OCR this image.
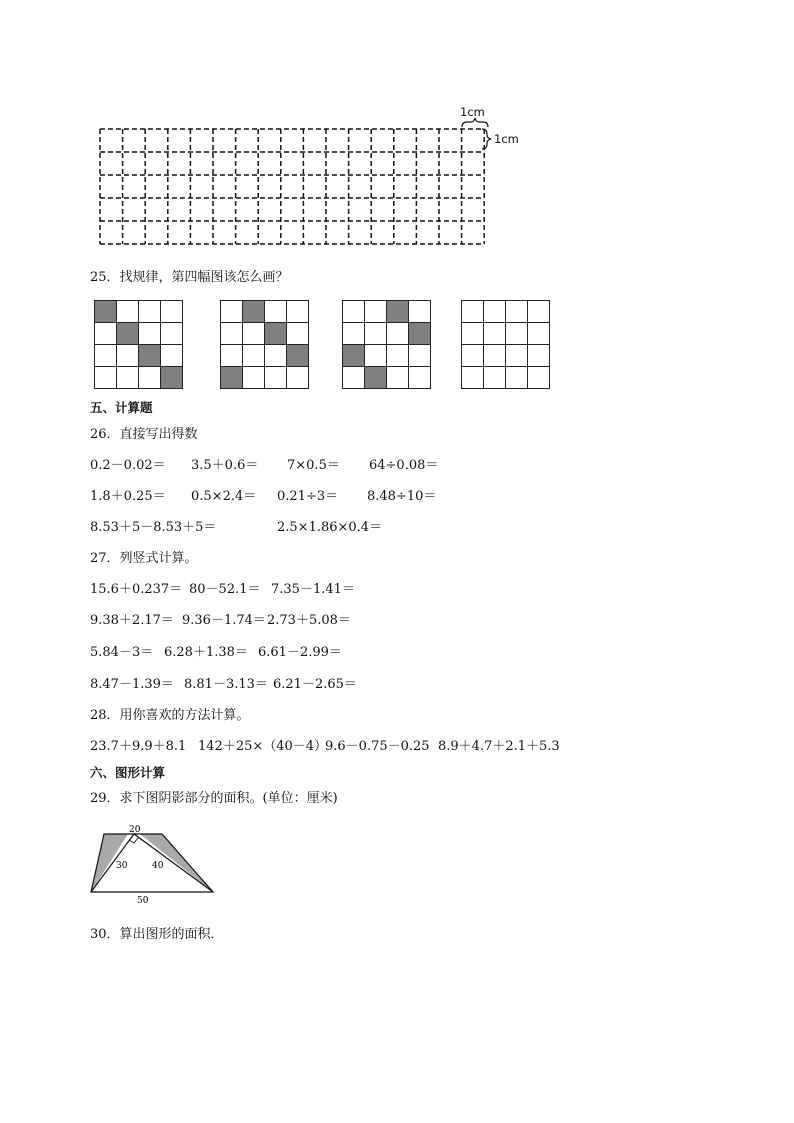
1cm
1cm
25．找规律，第四幅图该怎么画？
五、计算题
26．直接写出得数
0.2－0.02＝ 3.5＋0.6＝ 7×0.5＝ 64÷0.08＝
1.8＋0.25＝ 0.5×2.4＝ 0.21÷3＝ 8.48÷10＝
8.53＋5－8.53＋5＝	2.5×1.86×0.4＝
27．列竖式计算。
15.6＋0.237＝ 80－52.1＝ 7.35－1.41＝
9.38＋2.17＝ 9.36－1.74＝ 2.73＋5.08＝
5.84－3＝ 6.28＋1.38＝ 6.61－2.99＝
8.47－1.39＝ 8.81－3.13＝ 6.21－2.65＝
28．用你喜欢的方法计算。
23.7＋9.9＋8.1 142＋25×（40－4）
9.6－0.75－0.25 8.9＋4.7＋2.1＋5.3
六、图形计算
29．求下图阴影部分的面积。(单位：厘米)
20
30	40
50
30．算出图形的面积．
